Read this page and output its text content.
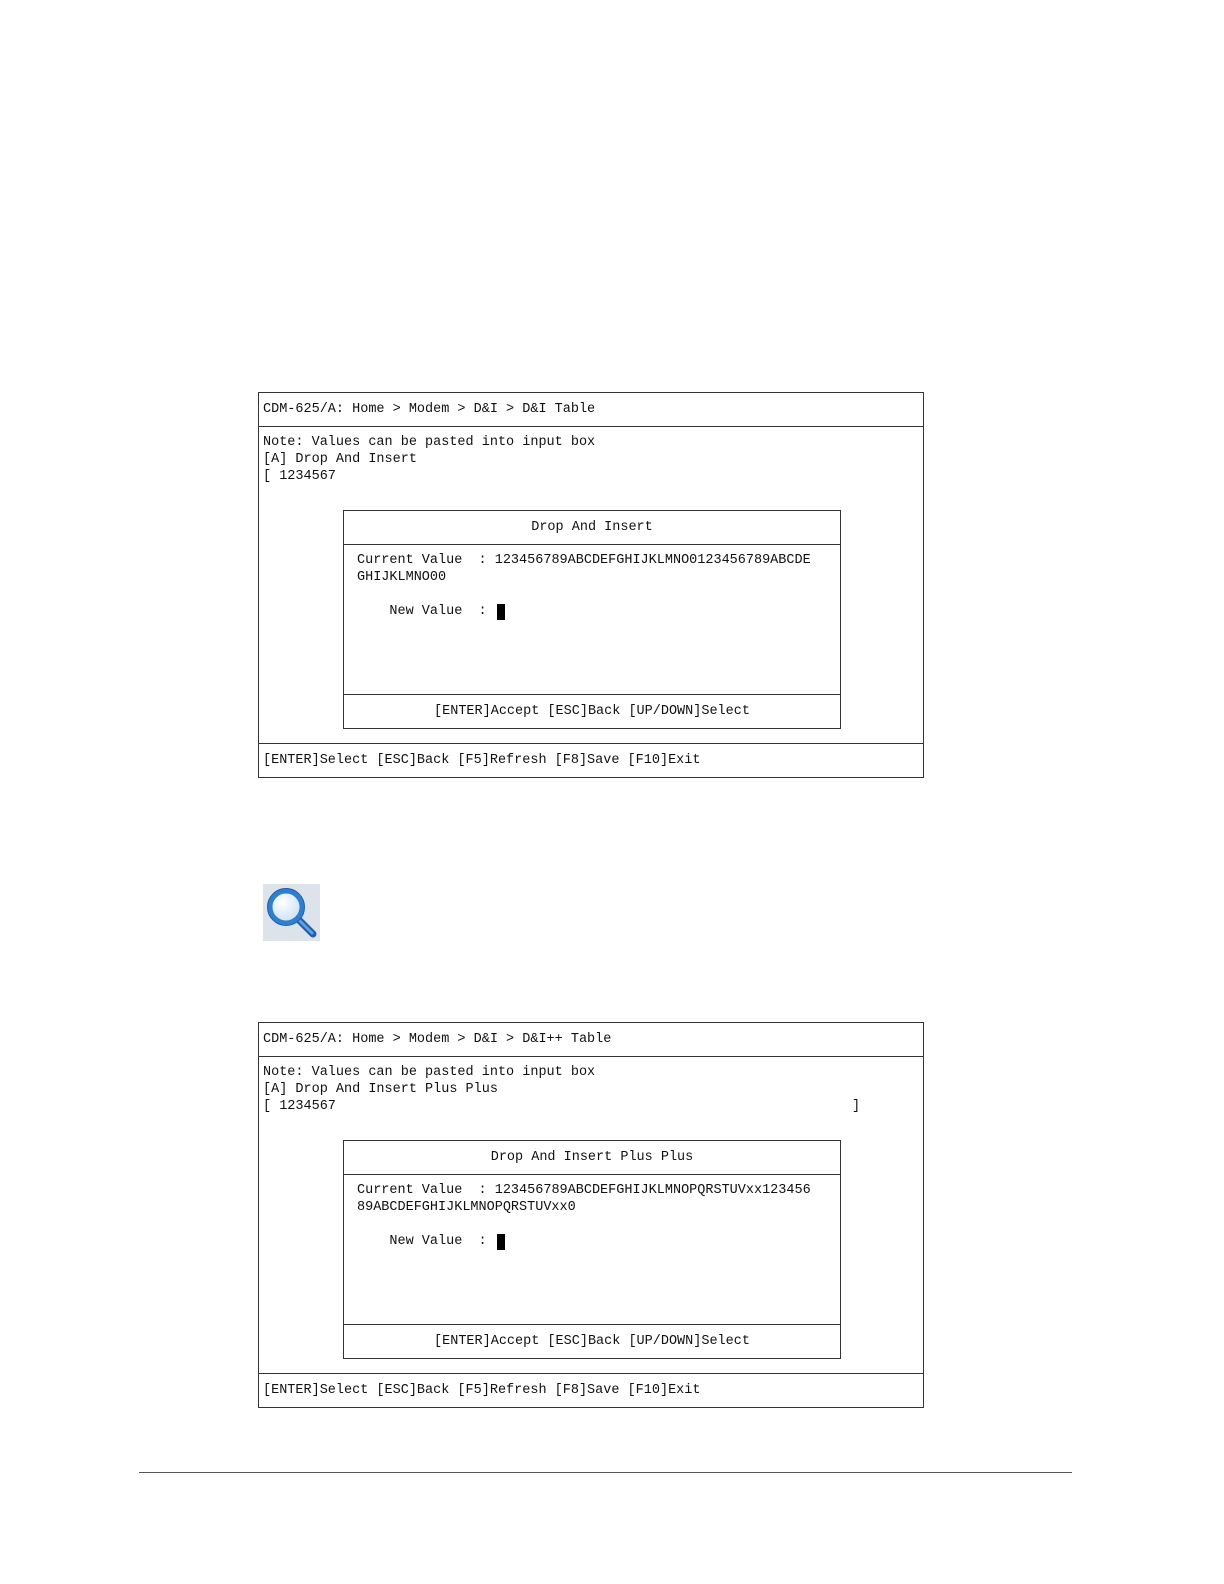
CDM-625/A: Home > Modem > D&I > D&I Table
Note: Values can be pasted into input box
[A] Drop And Insert
[ 1234567
Drop And Insert
Current Value  : 123456789ABCDEFGHIJKLMNO0123456789ABCDE
GHIJKLMNO00
New Value  :
[ENTER]Accept [ESC]Back [UP/DOWN]Select
[ENTER]Select [ESC]Back [F5]Refresh [F8]Save [F10]Exit
CDM-625/A: Home > Modem > D&I > D&I++ Table
Note: Values can be pasted into input box
[A] Drop And Insert Plus Plus
[ 1234567	]
Drop And Insert Plus Plus
Current Value  : 123456789ABCDEFGHIJKLMNOPQRSTUVxx123456
89ABCDEFGHIJKLMNOPQRSTUVxx0
New Value  :
[ENTER]Accept [ESC]Back [UP/DOWN]Select
[ENTER]Select [ESC]Back [F5]Refresh [F8]Save [F10]Exit
